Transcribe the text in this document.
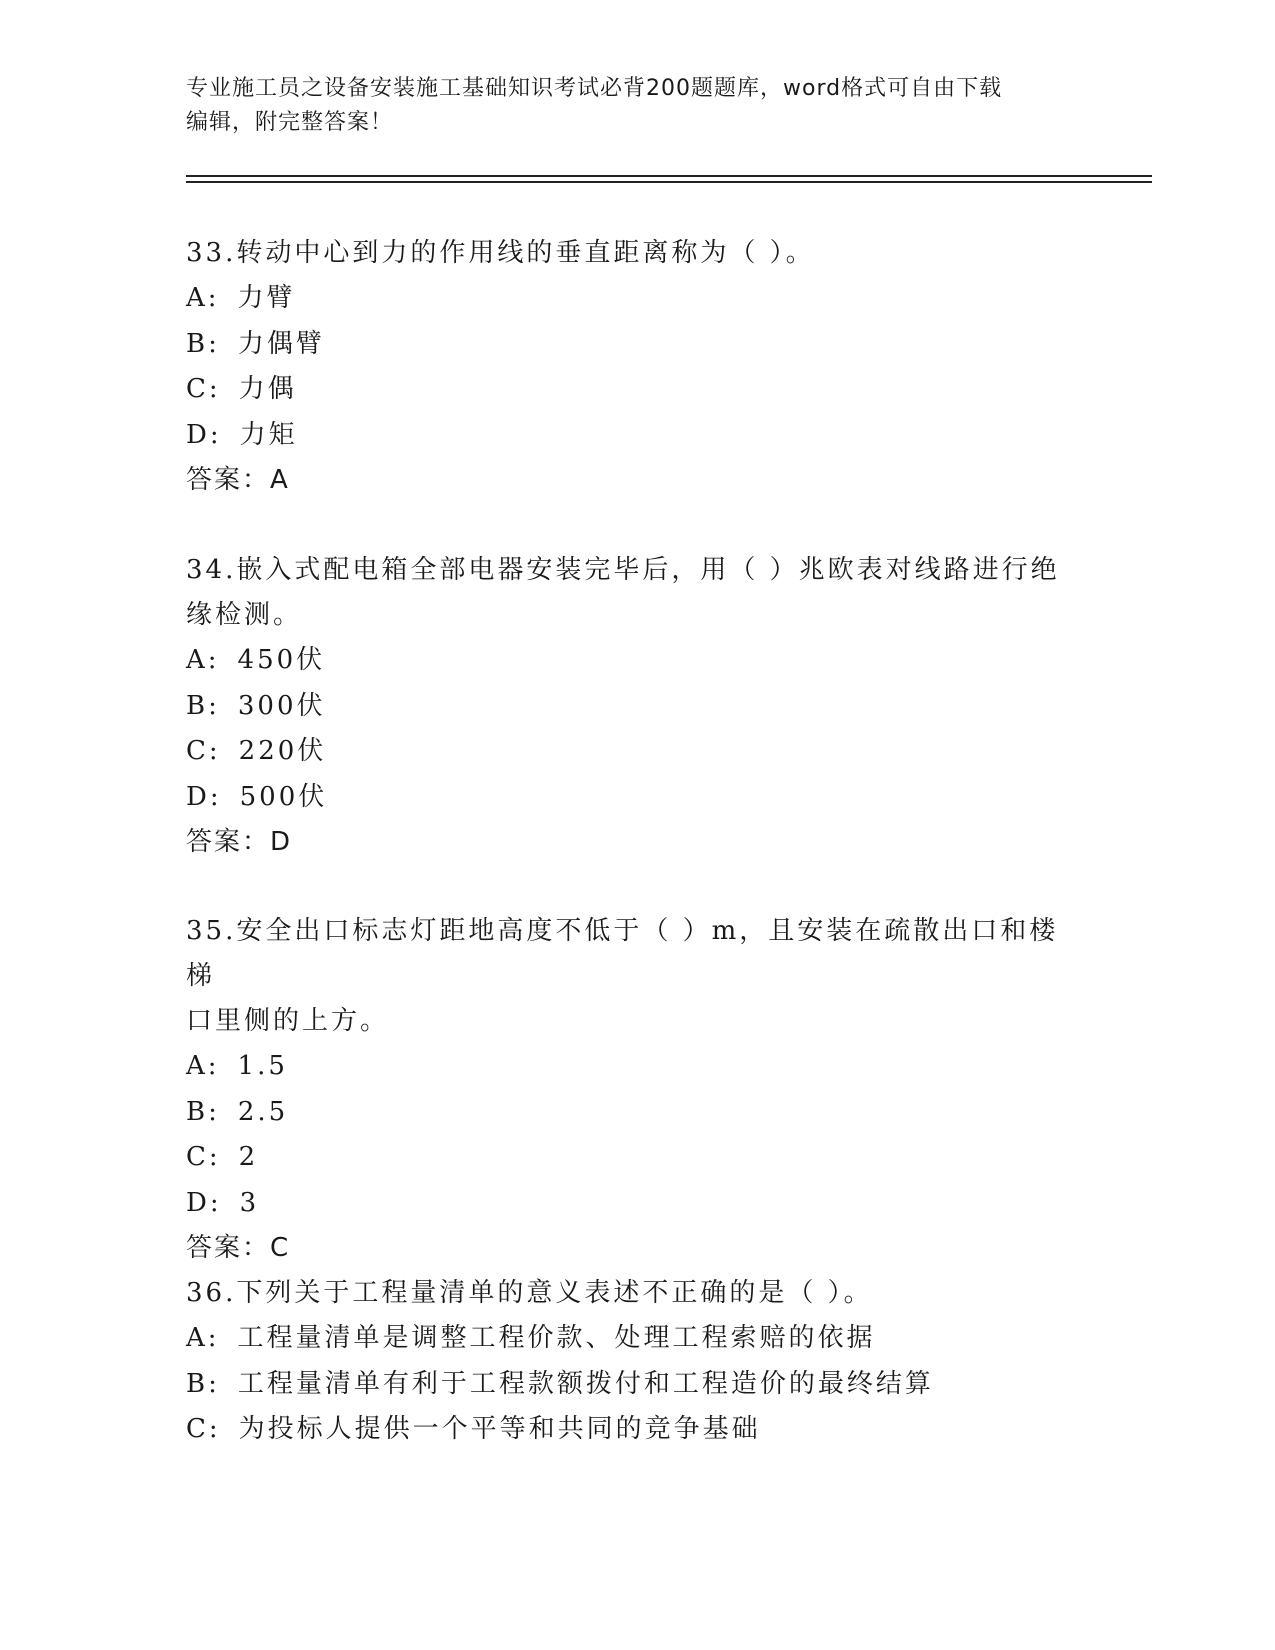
专业施工员之设备安装施工基础知识考试必背200题题库，word格式可自由下载
编辑，附完整答案！

33.转动中心到力的作用线的垂直距离称为（ ）。

A: 力臂

B: 力偶臂

C: 力偶

D: 力矩

答案：A

34.嵌入式配电箱全部电器安装完毕后，用（ ）兆欧表对线路进行绝

缘检测。

A: 450伏

B: 300伏

C: 220伏

D: 500伏

答案：D

35.安全出口标志灯距地高度不低于（ ）m，且安装在疏散出口和楼梯

口里侧的上方。

A: 1.5

B: 2.5

C: 2

D: 3

答案：C

36.下列关于工程量清单的意义表述不正确的是（ ）。

A: 工程量清单是调整工程价款、处理工程索赔的依据

B: 工程量清单有利于工程款额拨付和工程造价的最终结算

C: 为投标人提供一个平等和共同的竞争基础
